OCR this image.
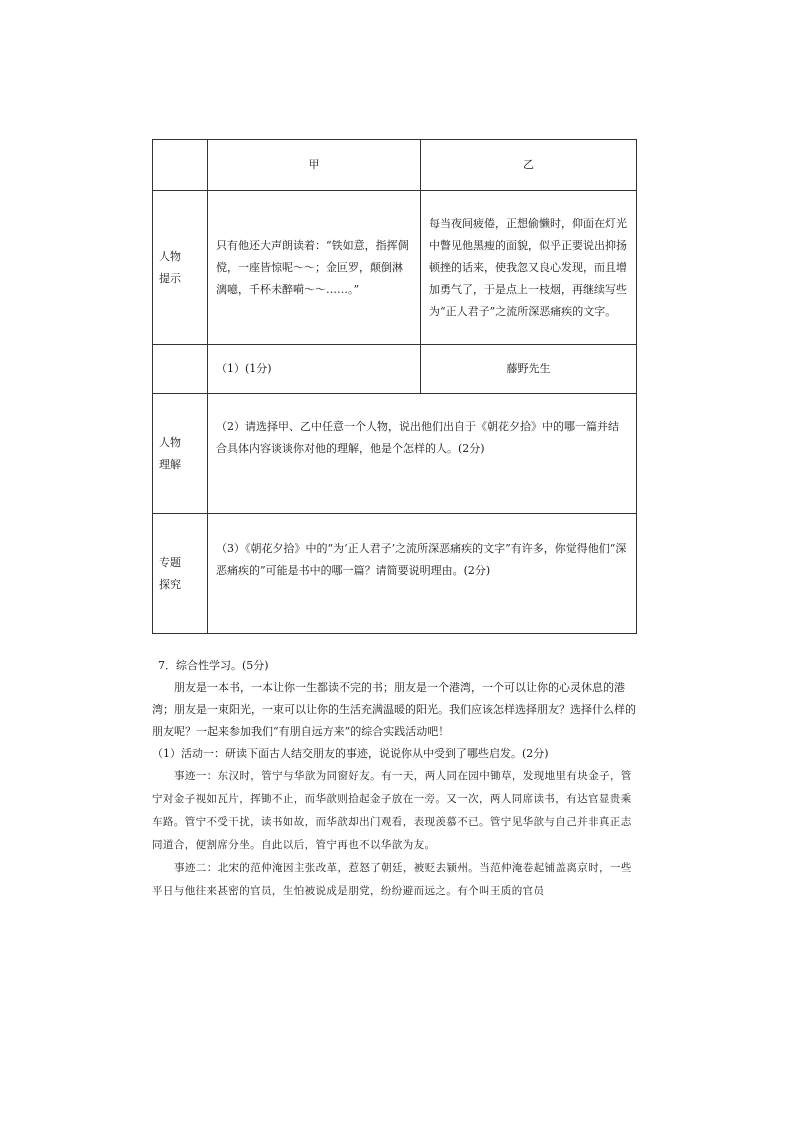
	甲	乙

人物
提示	只有他还大声朗读着：“铁如意，指挥倜傥，一座皆惊呢～～；金叵罗，颠倒淋漓噫，千杯未醉嗬～～……。”	每当夜间疲倦，正想偷懒时，仰面在灯光中瞥见他黑瘦的面貌，似乎正要说出抑扬顿挫的话来，使我忽又良心发现，而且增加勇气了，于是点上一枝烟，再继续写些为“正人君子”之流所深恶痛疾的文字。
	（1）(1分)	藤野先生

人物
理解	（2）请选择甲、乙中任意一个人物，说出他们出自于《朝花夕拾》中的哪一篇并结合具体内容谈谈你对他的理解，他是个怎样的人。(2分)	

专题
探究	（3）《朝花夕拾》中的“为‘正人君子’之流所深恶痛疾的文字”有许多，你觉得他们“深恶痛疾的”可能是书中的哪一篇？请简要说明理由。(2分)	

7．综合性学习。(5分)

朋友是一本书，一本让你一生都读不完的书；朋友是一个港湾，一个可以让你的心灵休息的港湾；朋友是一束阳光，一束可以让你的生活充满温暖的阳光。我们应该怎样选择朋友？选择什么样的朋友呢？一起来参加我们“有朋自远方来”的综合实践活动吧！

（1）活动一：研读下面古人结交朋友的事迹，说说你从中受到了哪些启发。(2分)

事迹一：东汉时，管宁与华歆为同窗好友。有一天，两人同在园中锄草，发现地里有块金子，管宁对金子视如瓦片，挥锄不止，而华歆则拾起金子放在一旁。又一次，两人同席读书，有达官显贵乘车路。管宁不受干扰，读书如故，而华歆却出门观看，表现羡慕不已。管宁见华歆与自己并非真正志同道合，便割席分坐。自此以后，管宁再也不以华歆为友。

事迹二：北宋的范仲淹因主张改革，惹怒了朝廷，被贬去颍州。当范仲淹卷起铺盖离京时，一些平日与他往来甚密的官员，生怕被说成是朋党，纷纷避而远之。有个叫王质的官员
